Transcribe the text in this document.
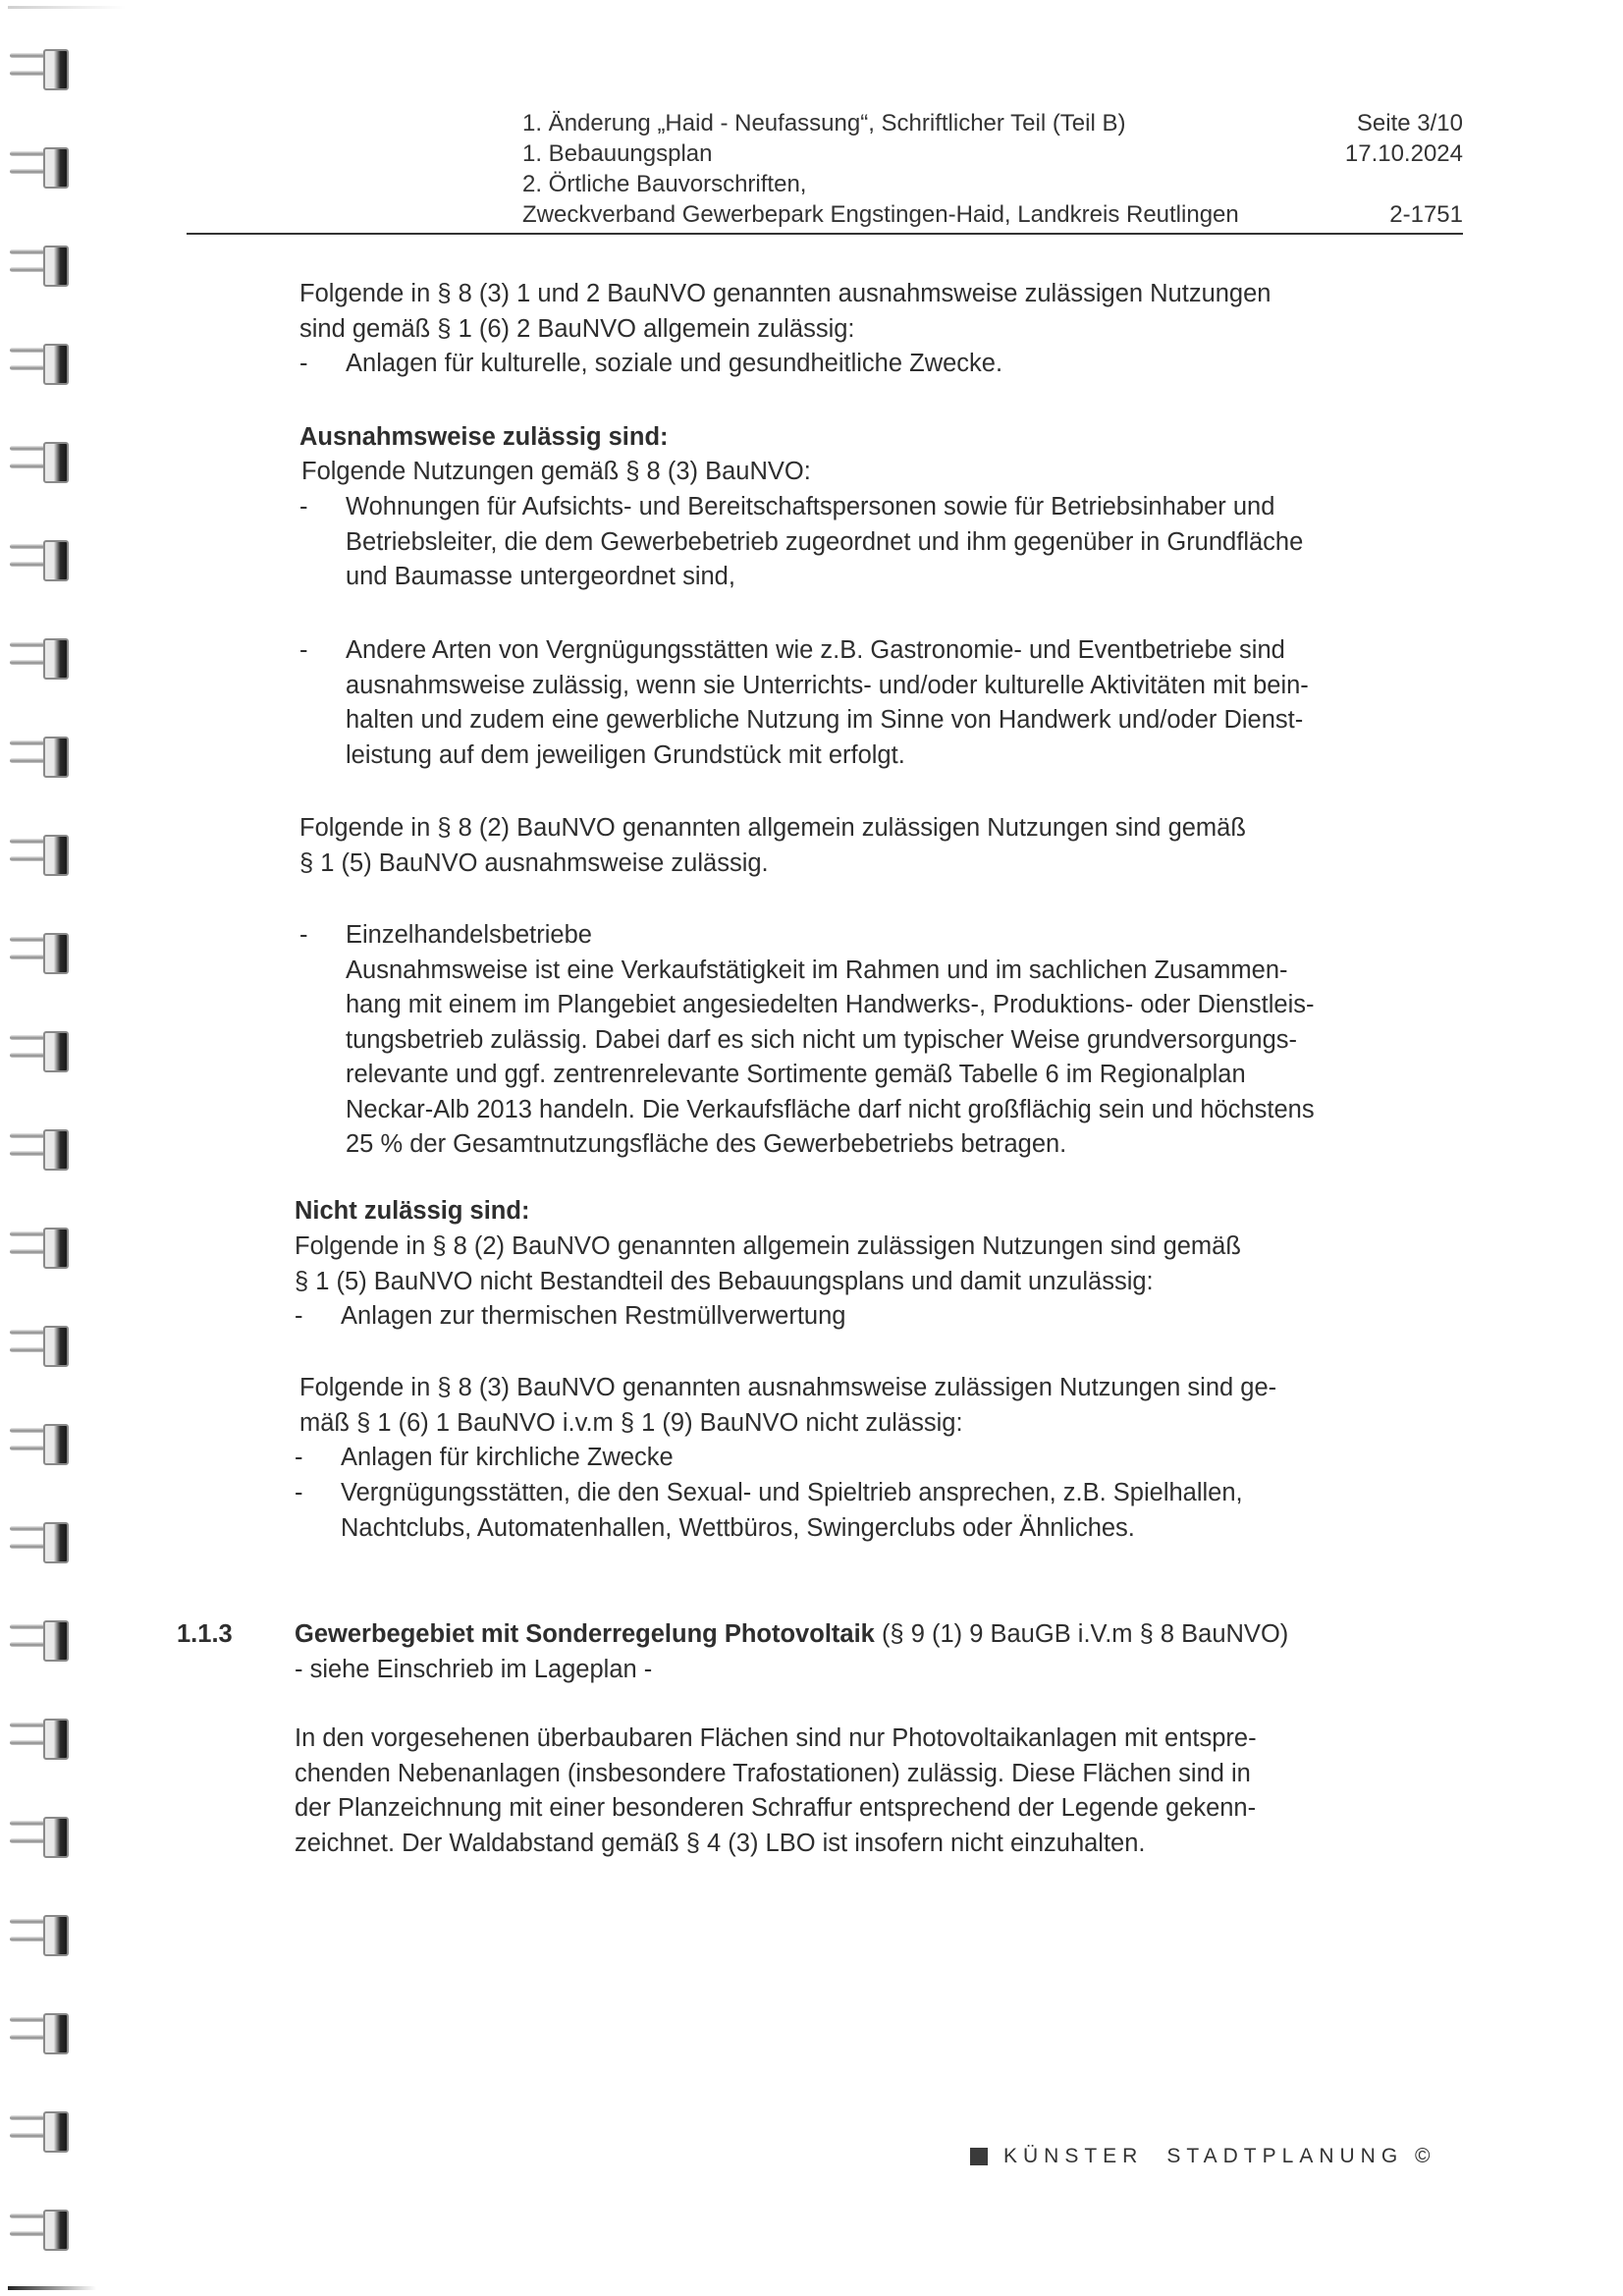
1. Änderung „Haid - Neufassung“, Schriftlicher Teil (Teil B)	Seite 3/10
1. Bebauungsplan	17.10.2024
2. Örtliche Bauvorschriften,
Zweckverband Gewerbepark Engstingen-Haid, Landkreis Reutlingen	2-1751
Folgende in § 8 (3) 1 und 2 BauNVO genannten ausnahmsweise zulässigen Nutzungen
sind gemäß § 1 (6) 2 BauNVO allgemein zulässig:
- Anlagen für kulturelle, soziale und gesundheitliche Zwecke.
Ausnahmsweise zulässig sind:
Folgende Nutzungen gemäß § 8 (3) BauNVO:
- Wohnungen für Aufsichts- und Bereitschaftspersonen sowie für Betriebsinhaber und
Betriebsleiter, die dem Gewerbebetrieb zugeordnet und ihm gegenüber in Grundfläche
und Baumasse untergeordnet sind,
- Andere Arten von Vergnügungsstätten wie z.B. Gastronomie- und Eventbetriebe sind
ausnahmsweise zulässig, wenn sie Unterrichts- und/oder kulturelle Aktivitäten mit bein-
halten und zudem eine gewerbliche Nutzung im Sinne von Handwerk und/oder Dienst-
leistung auf dem jeweiligen Grundstück mit erfolgt.
Folgende in § 8 (2) BauNVO genannten allgemein zulässigen Nutzungen sind gemäß
§ 1 (5) BauNVO ausnahmsweise zulässig.
- Einzelhandelsbetriebe
Ausnahmsweise ist eine Verkaufstätigkeit im Rahmen und im sachlichen Zusammen-
hang mit einem im Plangebiet angesiedelten Handwerks-, Produktions- oder Dienstleis-
tungsbetrieb zulässig. Dabei darf es sich nicht um typischer Weise grundversorgungs-
relevante und ggf. zentrenrelevante Sortimente gemäß Tabelle 6 im Regionalplan
Neckar-Alb 2013 handeln. Die Verkaufsfläche darf nicht großflächig sein und höchstens
25 % der Gesamtnutzungsfläche des Gewerbebetriebs betragen.
Nicht zulässig sind:
Folgende in § 8 (2) BauNVO genannten allgemein zulässigen Nutzungen sind gemäß
§ 1 (5) BauNVO nicht Bestandteil des Bebauungsplans und damit unzulässig:
- Anlagen zur thermischen Restmüllverwertung
Folgende in § 8 (3) BauNVO genannten ausnahmsweise zulässigen Nutzungen sind ge-
mäß § 1 (6) 1 BauNVO i.v.m § 1 (9) BauNVO nicht zulässig:
- Anlagen für kirchliche Zwecke
- Vergnügungsstätten, die den Sexual- und Spieltrieb ansprechen, z.B. Spielhallen,
Nachtclubs, Automatenhallen, Wettbüros, Swingerclubs oder Ähnliches.
1.1.3 Gewerbegebiet mit Sonderregelung Photovoltaik (§ 9 (1) 9 BauGB i.V.m § 8 BauNVO)
- siehe Einschrieb im Lageplan -
In den vorgesehenen überbaubaren Flächen sind nur Photovoltaikanlagen mit entspre-
chenden Nebenanlagen (insbesondere Trafostationen) zulässig. Diese Flächen sind in
der Planzeichnung mit einer besonderen Schraffur entsprechend der Legende gekenn-
zeichnet. Der Waldabstand gemäß § 4 (3) LBO ist insofern nicht einzuhalten.
KÜNSTER STADTPLANUNG ©
